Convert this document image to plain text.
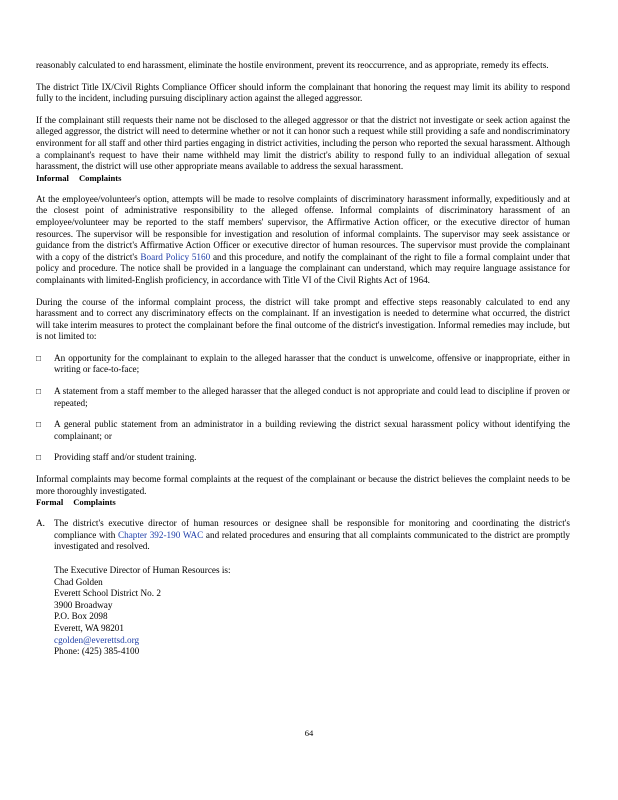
reasonably calculated to end harassment, eliminate the hostile environment, prevent its reoccurrence, and as appropriate, remedy its effects.

The district Title IX/Civil Rights Compliance Officer should inform the complainant that honoring the request may limit its ability to respond fully to the incident, including pursuing disciplinary action against the alleged aggressor.

If the complainant still requests their name not be disclosed to the alleged aggressor or that the district not investigate or seek action against the alleged aggressor, the district will need to determine whether or not it can honor such a request while still providing a safe and nondiscriminatory environment for all staff and other third parties engaging in district activities, including the person who reported the sexual harassment. Although a complainant's request to have their name withheld may limit the district's ability to respond fully to an individual allegation of sexual harassment, the district will use other appropriate means available to address the sexual harassment.

Informal Complaints

At the employee/volunteer's option, attempts will be made to resolve complaints of discriminatory harassment informally, expeditiously and at the closest point of administrative responsibility to the alleged offense. Informal complaints of discriminatory harassment of an employee/volunteer may be reported to the staff members' supervisor, the Affirmative Action officer, or the executive director of human resources. The supervisor will be responsible for investigation and resolution of informal complaints. The supervisor may seek assistance or guidance from the district's Affirmative Action Officer or executive director of human resources. The supervisor must provide the complainant with a copy of the district's Board Policy 5160 and this procedure, and notify the complainant of the right to file a formal complaint under that policy and procedure. The notice shall be provided in a language the complainant can understand, which may require language assistance for complainants with limited-English proficiency, in accordance with Title VI of the Civil Rights Act of 1964.

During the course of the informal complaint process, the district will take prompt and effective steps reasonably calculated to end any harassment and to correct any discriminatory effects on the complainant. If an investigation is needed to determine what occurred, the district will take interim measures to protect the complainant before the final outcome of the district's investigation. Informal remedies may include, but is not limited to:

□ An opportunity for the complainant to explain to the alleged harasser that the conduct is unwelcome, offensive or inappropriate, either in writing or face-to-face;
□ A statement from a staff member to the alleged harasser that the alleged conduct is not appropriate and could lead to discipline if proven or repeated;
□ A general public statement from an administrator in a building reviewing the district sexual harassment policy without identifying the complainant; or
□ Providing staff and/or student training.

Informal complaints may become formal complaints at the request of the complainant or because the district believes the complaint needs to be more thoroughly investigated.

Formal Complaints
A. The district's executive director of human resources or designee shall be responsible for monitoring and coordinating the district's compliance with Chapter 392-190 WAC and related procedures and ensuring that all complaints communicated to the district are promptly investigated and resolved.
The Executive Director of Human Resources is:
Chad Golden
Everett School District No. 2
3900 Broadway
P.O. Box 2098
Everett, WA 98201
cgolden@everettsd.org
Phone: (425) 385-4100
64
